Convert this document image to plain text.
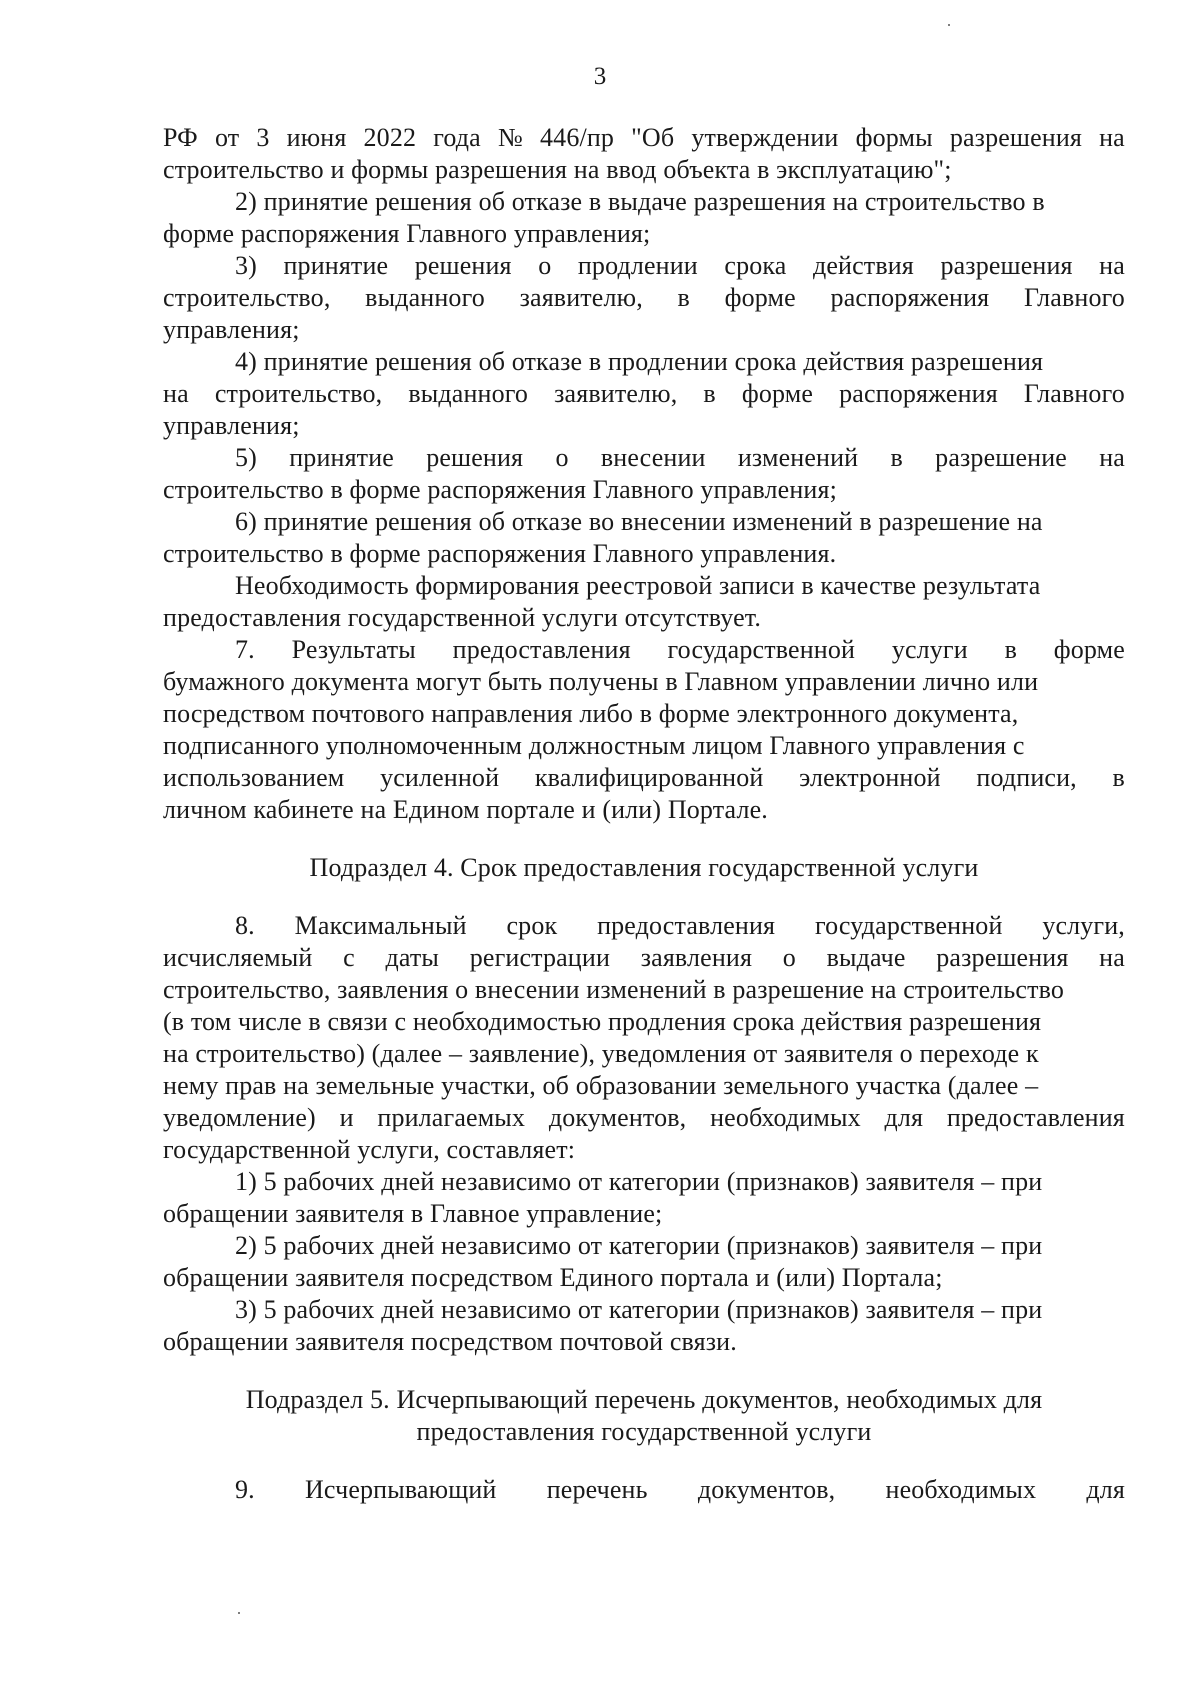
3
РФ от 3 июня 2022 года № 446/пр "Об утверждении формы разрешения на
строительство и формы разрешения на ввод объекта в эксплуатацию";
2) принятие решения об отказе в выдаче разрешения на строительство в
форме распоряжения Главного управления;
3) принятие решения о продлении срока действия разрешения на
строительство, выданного заявителю, в форме распоряжения Главного
управления;
4) принятие решения об отказе в продлении срока действия разрешения
на строительство, выданного заявителю, в форме распоряжения Главного
управления;
5) принятие решения о внесении изменений в разрешение на
строительство в форме распоряжения Главного управления;
6) принятие решения об отказе во внесении изменений в разрешение на
строительство в форме распоряжения Главного управления.
Необходимость формирования реестровой записи в качестве результата
предоставления государственной услуги отсутствует.
7. Результаты предоставления государственной услуги в форме
бумажного документа могут быть получены в Главном управлении лично или
посредством почтового направления либо в форме электронного документа,
подписанного уполномоченным должностным лицом Главного управления с
использованием усиленной квалифицированной электронной подписи, в
личном кабинете на Едином портале и (или) Портале.
Подраздел 4. Срок предоставления государственной услуги
8. Максимальный срок предоставления государственной услуги,
исчисляемый с даты регистрации заявления о выдаче разрешения на
строительство, заявления о внесении изменений в разрешение на строительство
(в том числе в связи с необходимостью продления срока действия разрешения
на строительство) (далее – заявление), уведомления от заявителя о переходе к
нему прав на земельные участки, об образовании земельного участка (далее –
уведомление) и прилагаемых документов, необходимых для предоставления
государственной услуги, составляет:
1) 5 рабочих дней независимо от категории (признаков) заявителя – при
обращении заявителя в Главное управление;
2) 5 рабочих дней независимо от категории (признаков) заявителя – при
обращении заявителя посредством Единого портала и (или) Портала;
3) 5 рабочих дней независимо от категории (признаков) заявителя – при
обращении заявителя посредством почтовой связи.
Подраздел 5. Исчерпывающий перечень документов, необходимых для
предоставления государственной услуги
9. Исчерпывающий перечень документов, необходимых для
